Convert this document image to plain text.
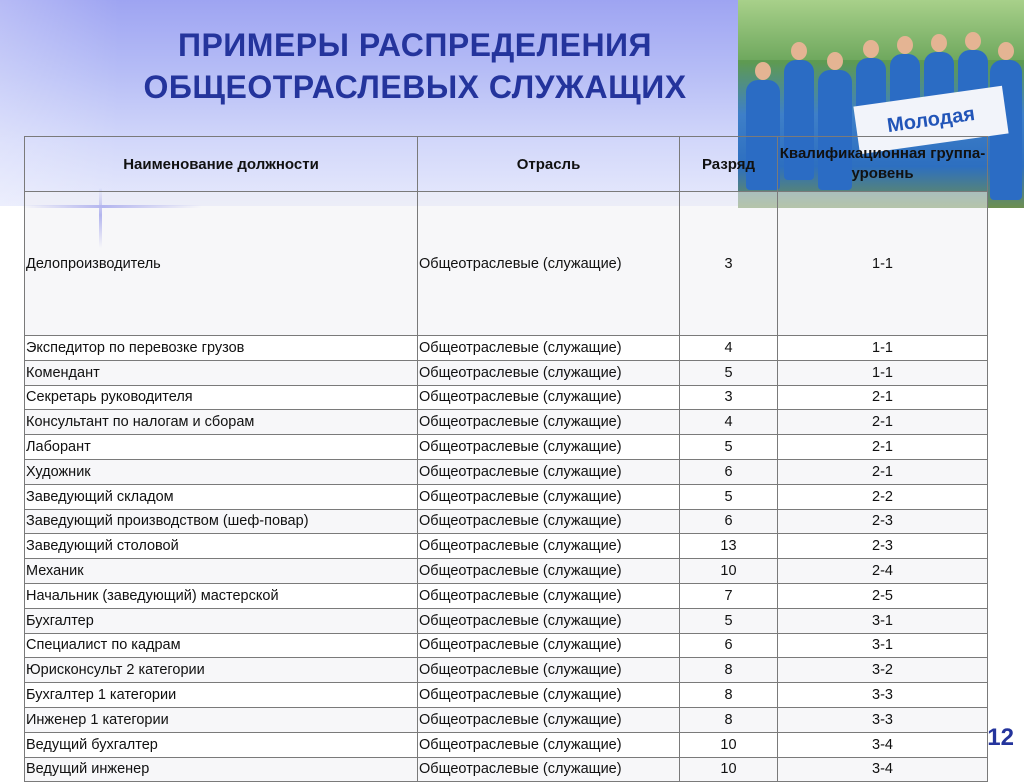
ПРИМЕРЫ РАСПРЕДЕЛЕНИЯ
ОБЩЕОТРАСЛЕВЫХ СЛУЖАЩИХ
Молодая
Наименование должности	Отрасль	Разряд	Квалификационная группа-уровень
Делопроизводитель	Общеотраслевые (служащие)	3	1-1
Экспедитор по перевозке грузов	Общеотраслевые (служащие)	4	1-1
Комендант	Общеотраслевые (служащие)	5	1-1
Секретарь руководителя	Общеотраслевые (служащие)	3	2-1
Консультант по налогам и сборам	Общеотраслевые (служащие)	4	2-1
Лаборант	Общеотраслевые (служащие)	5	2-1
Художник	Общеотраслевые (служащие)	6	2-1
Заведующий складом	Общеотраслевые (служащие)	5	2-2
Заведующий производством (шеф-повар)	Общеотраслевые (служащие)	6	2-3
Заведующий столовой	Общеотраслевые (служащие)	13	2-3
Механик	Общеотраслевые (служащие)	10	2-4
Начальник (заведующий) мастерской	Общеотраслевые (служащие)	7	2-5
Бухгалтер	Общеотраслевые (служащие)	5	3-1
Специалист по кадрам	Общеотраслевые (служащие)	6	3-1
Юрисконсульт 2 категории	Общеотраслевые (служащие)	8	3-2
Бухгалтер 1 категории	Общеотраслевые (служащие)	8	3-3
Инженер 1 категории	Общеотраслевые (служащие)	8	3-3
Ведущий бухгалтер	Общеотраслевые (служащие)	10	3-4
Ведущий инженер	Общеотраслевые (служащие)	10	3-4
12
